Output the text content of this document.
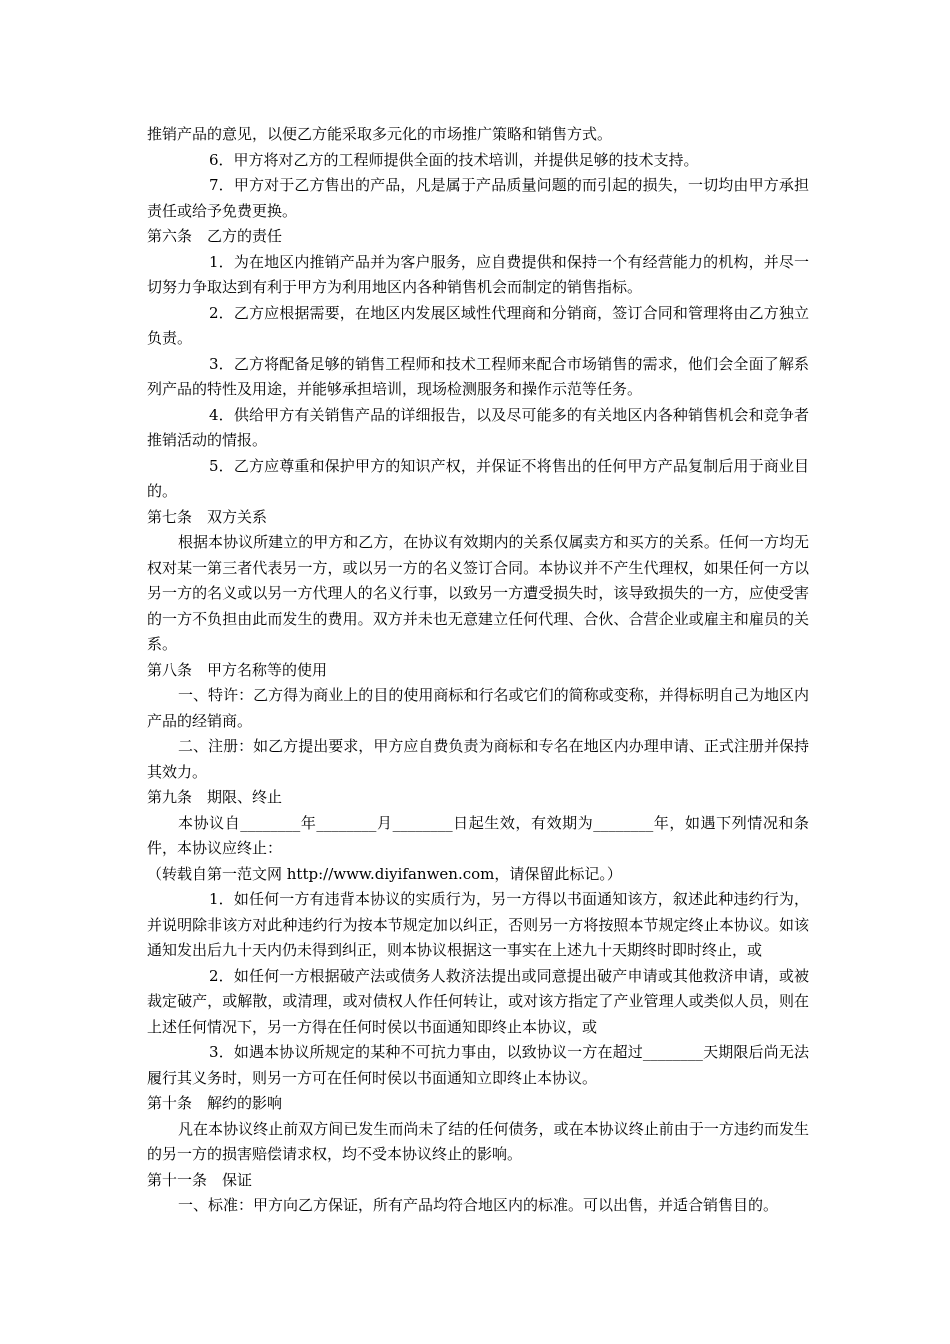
推销产品的意见，以便乙方能采取多元化的市场推广策略和销售方式。

6．甲方将对乙方的工程师提供全面的技术培训，并提供足够的技术支持。

7．甲方对于乙方售出的产品，凡是属于产品质量问题的而引起的损失，一切均由甲方承担责任或给予免费更换。

第六条　乙方的责任

1．为在地区内推销产品并为客户服务，应自费提供和保持一个有经营能力的机构，并尽一切努力争取达到有利于甲方为利用地区内各种销售机会而制定的销售指标。

2．乙方应根据需要，在地区内发展区域性代理商和分销商，签订合同和管理将由乙方独立负责。

3．乙方将配备足够的销售工程师和技术工程师来配合市场销售的需求，他们会全面了解系列产品的特性及用途，并能够承担培训，现场检测服务和操作示范等任务。

4．供给甲方有关销售产品的详细报告，以及尽可能多的有关地区内各种销售机会和竞争者推销活动的情报。

5．乙方应尊重和保护甲方的知识产权，并保证不将售出的任何甲方产品复制后用于商业目的。

第七条　双方关系

根据本协议所建立的甲方和乙方，在协议有效期内的关系仅属卖方和买方的关系。任何一方均无权对某一第三者代表另一方，或以另一方的名义签订合同。本协议并不产生代理权，如果任何一方以另一方的名义或以另一方代理人的名义行事，以致另一方遭受损失时，该导致损失的一方，应使受害的一方不负担由此而发生的费用。双方并未也无意建立任何代理、合伙、合营企业或雇主和雇员的关系。

第八条　甲方名称等的使用

一、特许：乙方得为商业上的目的使用商标和行名或它们的简称或变称，并得标明自己为地区内产品的经销商。

二、注册：如乙方提出要求，甲方应自费负责为商标和专名在地区内办理申请、正式注册并保持其效力。

第九条　期限、终止

本协议自________年________月________日起生效，有效期为________年，如遇下列情况和条件，本协议应终止：

（转载自第一范文网 http://www.diyifanwen.com，请保留此标记。）

1．如任何一方有违背本协议的实质行为，另一方得以书面通知该方，叙述此种违约行为，并说明除非该方对此种违约行为按本节规定加以纠正，否则另一方将按照本节规定终止本协议。如该通知发出后九十天内仍未得到纠正，则本协议根据这一事实在上述九十天期终时即时终止，或

2．如任何一方根据破产法或债务人救济法提出或同意提出破产申请或其他救济申请，或被裁定破产，或解散，或清理，或对债权人作任何转让，或对该方指定了产业管理人或类似人员，则在上述任何情况下，另一方得在任何时侯以书面通知即终止本协议，或

3．如遇本协议所规定的某种不可抗力事由，以致协议一方在超过________天期限后尚无法履行其义务时，则另一方可在任何时侯以书面通知立即终止本协议。

第十条　解约的影响

凡在本协议终止前双方间已发生而尚未了结的任何债务，或在本协议终止前由于一方违约而发生的另一方的损害赔偿请求权，均不受本协议终止的影响。

第十一条　保证

一、标准：甲方向乙方保证，所有产品均符合地区内的标准。可以出售，并适合销售目的。
